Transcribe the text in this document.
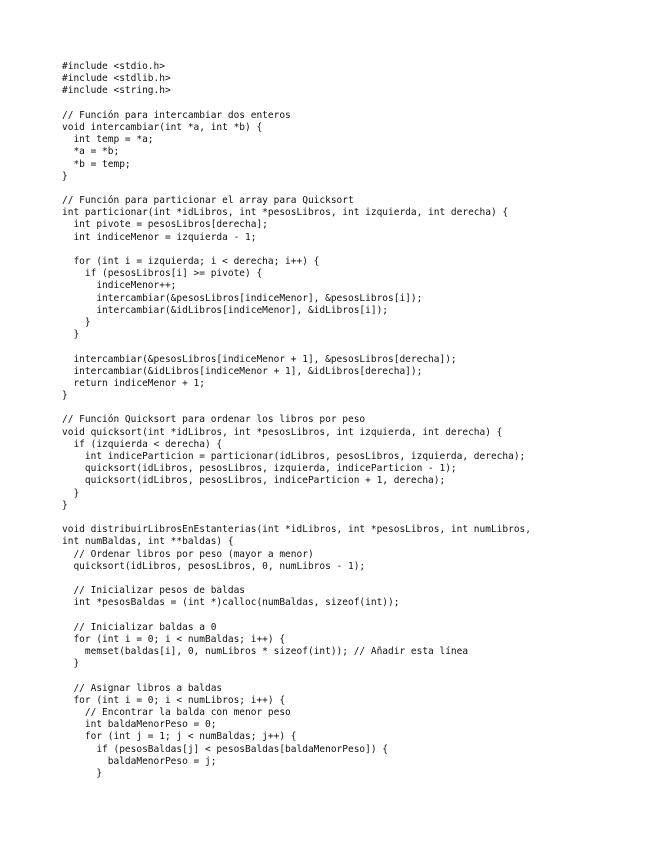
#include <stdio.h>
#include <stdlib.h>
#include <string.h>
// Función para intercambiar dos enteros
void intercambiar(int *a, int *b) {
int temp = *a;
*a = *b;
*b = temp;
}
// Función para particionar el array para Quicksort
int particionar(int *idLibros, int *pesosLibros, int izquierda, int derecha) {
int pivote = pesosLibros[derecha];
int indiceMenor = izquierda - 1;
for (int i = izquierda; i < derecha; i++) {
if (pesosLibros[i] >= pivote) {
indiceMenor++;
intercambiar(&pesosLibros[indiceMenor], &pesosLibros[i]);
intercambiar(&idLibros[indiceMenor], &idLibros[i]);
}
}
intercambiar(&pesosLibros[indiceMenor + 1], &pesosLibros[derecha]);
intercambiar(&idLibros[indiceMenor + 1], &idLibros[derecha]);
return indiceMenor + 1;
}
// Función Quicksort para ordenar los libros por peso
void quicksort(int *idLibros, int *pesosLibros, int izquierda, int derecha) {
if (izquierda < derecha) {
int indiceParticion = particionar(idLibros, pesosLibros, izquierda, derecha);
quicksort(idLibros, pesosLibros, izquierda, indiceParticion - 1);
quicksort(idLibros, pesosLibros, indiceParticion + 1, derecha);
}
}
void distribuirLibrosEnEstanterias(int *idLibros, int *pesosLibros, int numLibros,
int numBaldas, int **baldas) {
// Ordenar libros por peso (mayor a menor)
quicksort(idLibros, pesosLibros, 0, numLibros - 1);
// Inicializar pesos de baldas
int *pesosBaldas = (int *)calloc(numBaldas, sizeof(int));
// Inicializar baldas a 0
for (int i = 0; i < numBaldas; i++) {
memset(baldas[i], 0, numLibros * sizeof(int)); // Añadir esta línea
}
// Asignar libros a baldas
for (int i = 0; i < numLibros; i++) {
// Encontrar la balda con menor peso
int baldaMenorPeso = 0;
for (int j = 1; j < numBaldas; j++) {
if (pesosBaldas[j] < pesosBaldas[baldaMenorPeso]) {
baldaMenorPeso = j;
}
